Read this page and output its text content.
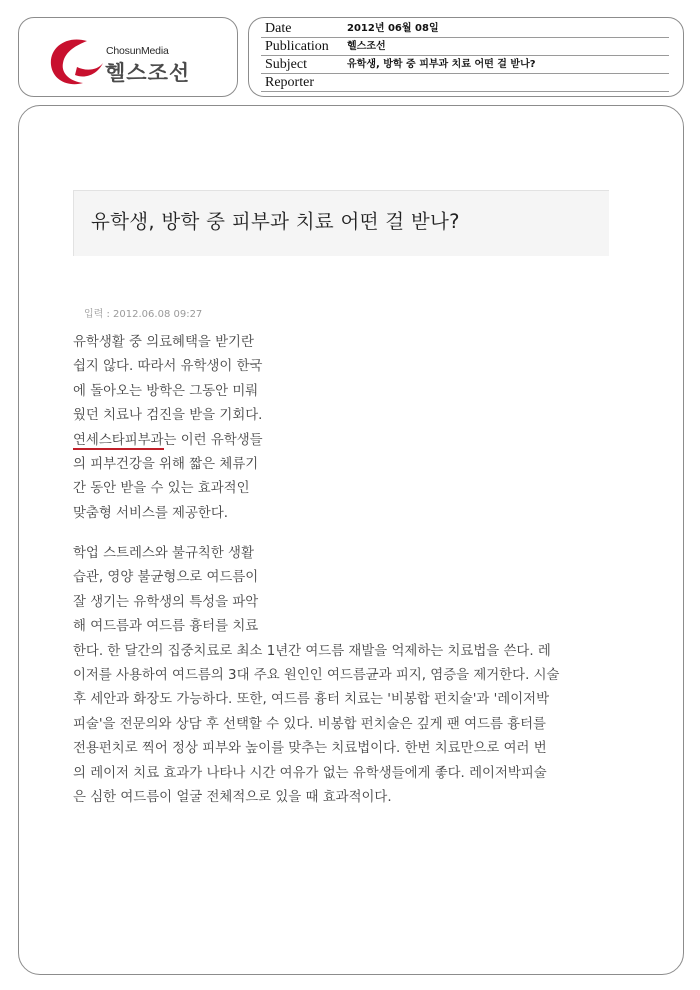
ChosunMedia
헬스조선
Date	2012년 06월 08일
Publication 헬스조선
Subject	유학생, 방학 중 피부과 치료 어떤 걸 받나?
Reporter
유학생, 방학 중 피부과 치료 어떤 걸 받나?
입력 : 2012.06.08 09:27
유학생활 중 의료혜택을 받기란
쉽지 않다. 따라서 유학생이 한국
에 돌아오는 방학은 그동안 미뤄
웠던 치료나 검진을 받을 기회다.
연세스타피부과는 이런 유학생들
의 피부건강을 위해 짧은 체류기
간 동안 받을 수 있는 효과적인
맞춤형 서비스를 제공한다.
학업 스트레스와 불규칙한 생활
습관, 영양 불균형으로 여드름이
잘 생기는 유학생의 특성을 파악
해 여드름과 여드름 흉터를 치료
한다. 한 달간의 집중치료로 최소 1년간 여드름 재발을 억제하는 치료법을 쓴다. 레
이저를 사용하여 여드름의 3대 주요 원인인 여드름균과 피지, 염증을 제거한다. 시술
후 세안과 화장도 가능하다. 또한, 여드름 흉터 치료는 '비봉합 펀치술'과 '레이저박
피술'을 전문의와 상담 후 선택할 수 있다. 비봉합 펀치술은 깊게 팬 여드름 흉터를
전용펀치로 찍어 정상 피부와 높이를 맞추는 치료법이다. 한번 치료만으로 여러 번
의 레이저 치료 효과가 나타나 시간 여유가 없는 유학생들에게 좋다. 레이저박피술
은 심한 여드름이 얼굴 전체적으로 있을 때 효과적이다.
